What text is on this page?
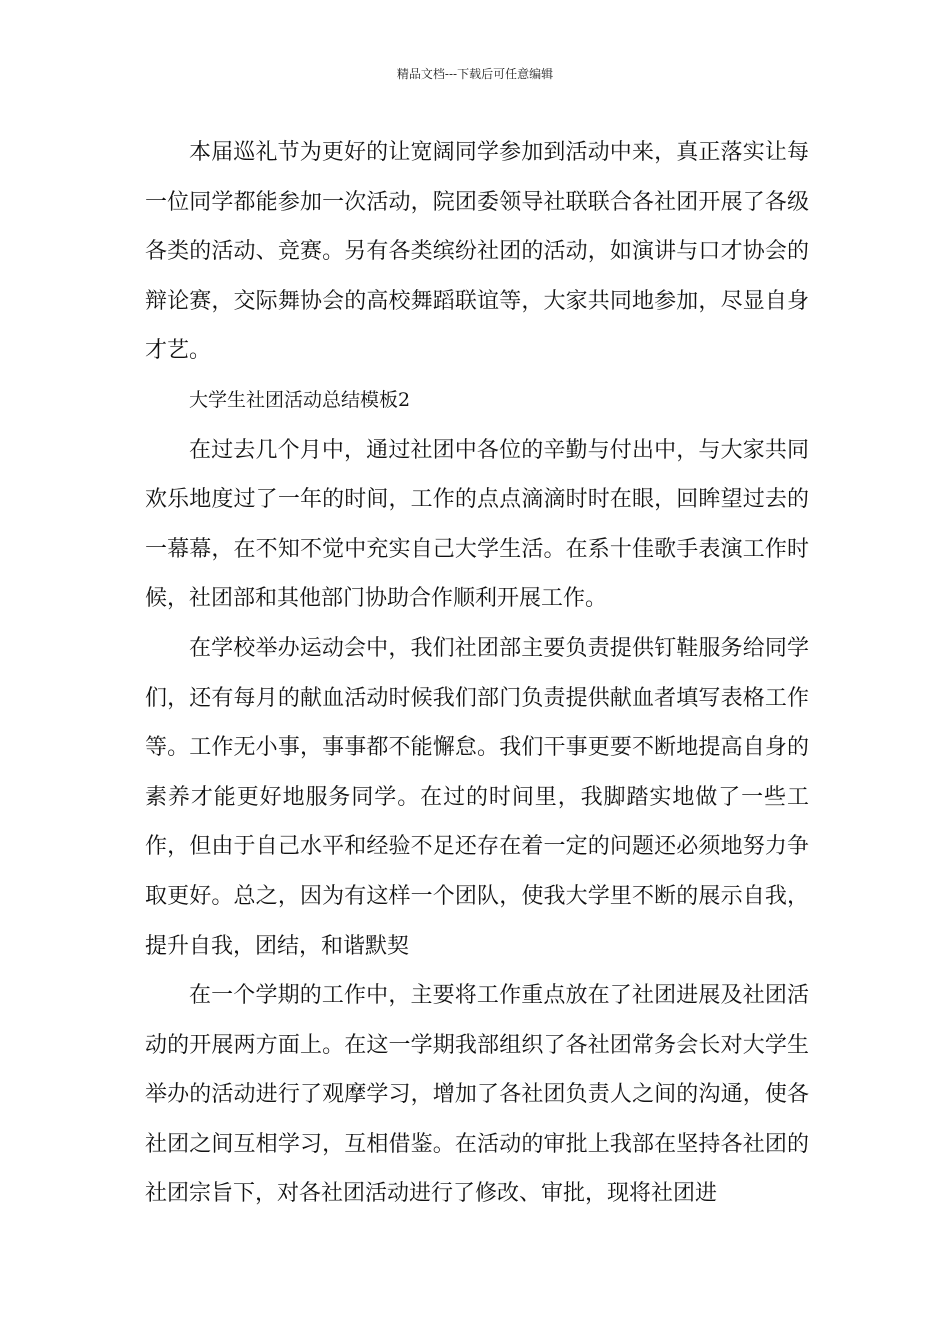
精品文档---下载后可任意编辑

本届巡礼节为更好的让宽阔同学参加到活动中来，真正落实让每一位同学都能参加一次活动，院团委领导社联联合各社团开展了各级各类的活动、竞赛。另有各类缤纷社团的活动，如演讲与口才协会的辩论赛，交际舞协会的高校舞蹈联谊等，大家共同地参加，尽显自身才艺。

大学生社团活动总结模板2

在过去几个月中，通过社团中各位的辛勤与付出中，与大家共同欢乐地度过了一年的时间，工作的点点滴滴时时在眼，回眸望过去的一幕幕，在不知不觉中充实自己大学生活。在系十佳歌手表演工作时候，社团部和其他部门协助合作顺利开展工作。

在学校举办运动会中，我们社团部主要负责提供钉鞋服务给同学们，还有每月的献血活动时候我们部门负责提供献血者填写表格工作等。工作无小事，事事都不能懈怠。我们干事更要不断地提高自身的素养才能更好地服务同学。在过的时间里，我脚踏实地做了一些工作，但由于自己水平和经验不足还存在着一定的问题还必须地努力争取更好。总之，因为有这样一个团队，使我大学里不断的展示自我，提升自我，团结，和谐默契

在一个学期的工作中，主要将工作重点放在了社团进展及社团活动的开展两方面上。在这一学期我部组织了各社团常务会长对大学生举办的活动进行了观摩学习，增加了各社团负责人之间的沟通，使各社团之间互相学习，互相借鉴。在活动的审批上我部在坚持各社团的社团宗旨下，对各社团活动进行了修改、审批，现将社团进
